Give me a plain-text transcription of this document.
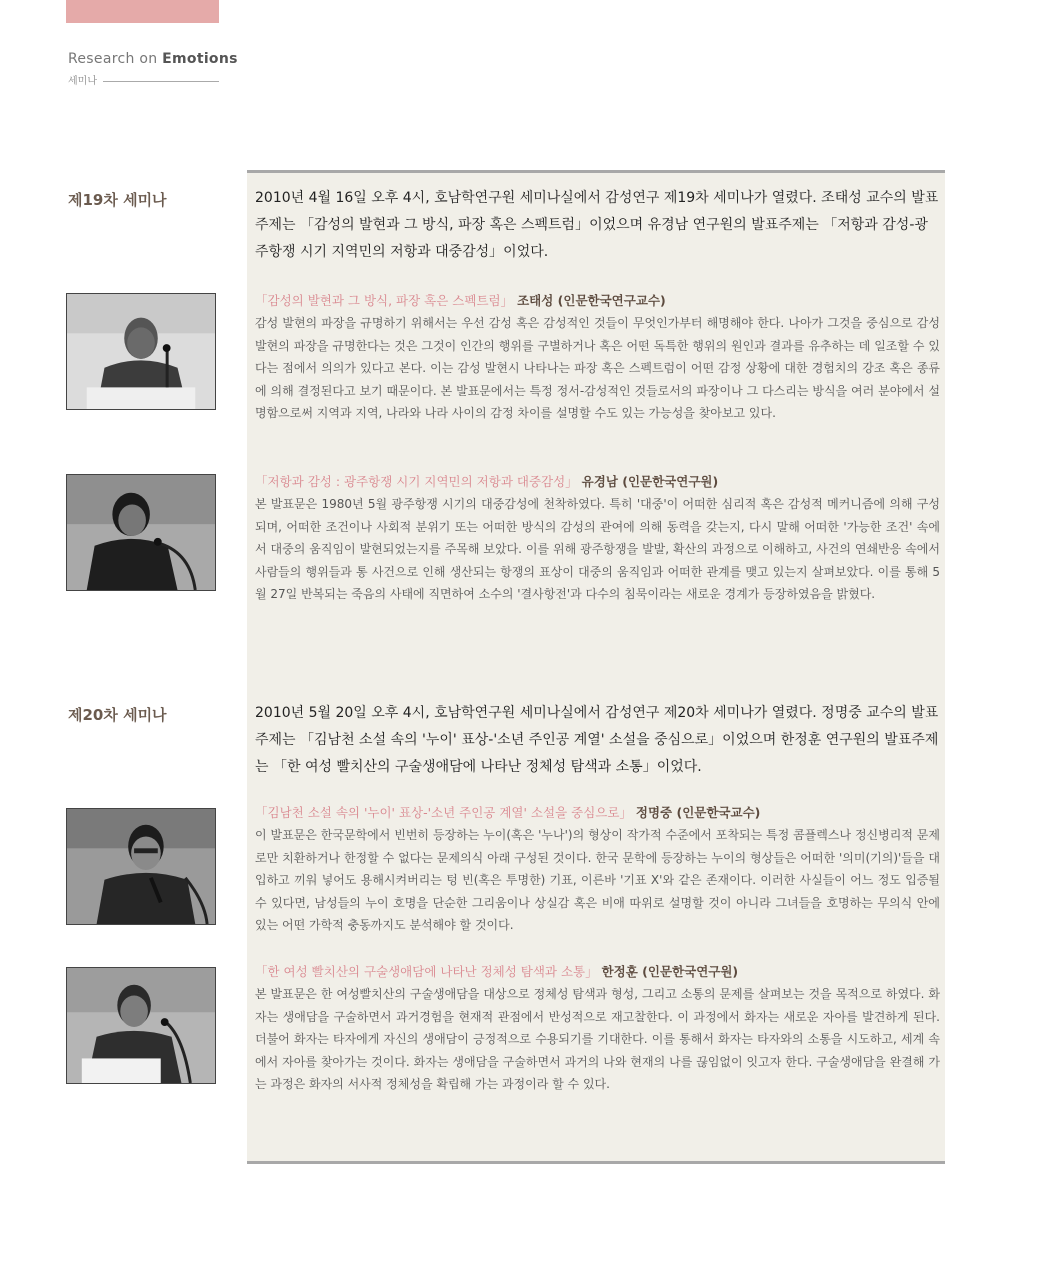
Research on Emotions
세미나
제19차 세미나	2010년 4월 16일 오후 4시, 호남학연구원 세미나실에서 감성연구 제19차 세미나가 열렸다. 조태성 교수의 발표주제는 「감성의 발현과 그 방식, 파장 혹은 스펙트럼」이었으며 유경남 연구원의 발표주제는 「저항과 감성-광주항쟁 시기 지역민의 저항과 대중감성」이었다.

「감성의 발현과 그 방식, 파장 혹은 스펙트럼」 조태성 (인문한국연구교수)

감성 발현의 파장을 규명하기 위해서는 우선 감성 혹은 감성적인 것들이 무엇인가부터 해명해야 한다. 나아가 그것을 중심으로 감성 발현의 파장을 규명한다는 것은 그것이 인간의 행위를 구별하거나 혹은 어떤 독특한 행위의 원인과 결과를 유추하는 데 일조할 수 있다는 점에서 의의가 있다고 본다. 이는 감성 발현시 나타나는 파장 혹은 스펙트럼이 어떤 감정 상황에 대한 경험치의 강조 혹은 종류에 의해 결정된다고 보기 때문이다. 본 발표문에서는 특정 정서-감성적인 것들로서의 파장이나 그 다스리는 방식을 여러 분야에서 설명함으로써 지역과 지역, 나라와 나라 사이의 감정 차이를 설명할 수도 있는 가능성을 찾아보고 있다.

「저항과 감성 : 광주항쟁 시기 지역민의 저항과 대중감성」 유경남 (인문한국연구원)

본 발표문은 1980년 5월 광주항쟁 시기의 대중감성에 천착하였다. 특히 '대중'이 어떠한 심리적 혹은 감성적 메커니즘에 의해 구성되며, 어떠한 조건이나 사회적 분위기 또는 어떠한 방식의 감성의 관여에 의해 동력을 갖는지, 다시 말해 어떠한 '가능한 조건' 속에서 대중의 움직임이 발현되었는지를 주목해 보았다. 이를 위해 광주항쟁을 발발, 확산의 과정으로 이해하고, 사건의 연쇄반응 속에서 사람들의 행위들과 통 사건으로 인해 생산되는 항쟁의 표상이 대중의 움직임과 어떠한 관계를 맺고 있는지 살펴보았다. 이를 통해 5월 27일 반복되는 죽음의 사태에 직면하여 소수의 '결사항전'과 다수의 침묵이라는 새로운 경계가 등장하였음을 밝혔다.

제20차 세미나	2010년 5월 20일 오후 4시, 호남학연구원 세미나실에서 감성연구 제20차 세미나가 열렸다. 정명중 교수의 발표주제는 「김남천 소설 속의 '누이' 표상-'소년 주인공 계열' 소설을 중심으로」이었으며 한정훈 연구원의 발표주제는 「한 여성 빨치산의 구술생애담에 나타난 정체성 탐색과 소통」이었다.

「김남천 소설 속의 '누이' 표상-'소년 주인공 계열' 소설을 중심으로」 정명중 (인문한국교수)

이 발표문은 한국문학에서 빈번히 등장하는 누이(혹은 '누나')의 형상이 작가적 수준에서 포착되는 특정 콤플렉스나 정신병리적 문제로만 치환하거나 한정할 수 없다는 문제의식 아래 구성된 것이다. 한국 문학에 등장하는 누이의 형상들은 어떠한 '의미(기의)'들을 대입하고 끼워 넣어도 용해시켜버리는 텅 빈(혹은 투명한) 기표, 이른바 '기표 X'와 같은 존재이다. 이러한 사실들이 어느 정도 입증될 수 있다면, 남성들의 누이 호명을 단순한 그리움이나 상실감 혹은 비애 따위로 설명할 것이 아니라 그녀들을 호명하는 무의식 안에 있는 어떤 가학적 충동까지도 분석해야 할 것이다.

「한 여성 빨치산의 구술생애담에 나타난 정체성 탐색과 소통」 한정훈 (인문한국연구원)

본 발표문은 한 여성빨치산의 구술생애담을 대상으로 정체성 탐색과 형성, 그리고 소통의 문제를 살펴보는 것을 목적으로 하였다. 화자는 생애담을 구술하면서 과거경험을 현재적 관점에서 반성적으로 재고찰한다. 이 과정에서 화자는 새로운 자아를 발견하게 된다. 더불어 화자는 타자에게 자신의 생애담이 긍정적으로 수용되기를 기대한다. 이를 통해서 화자는 타자와의 소통을 시도하고, 세계 속에서 자아를 찾아가는 것이다. 화자는 생애담을 구술하면서 과거의 나와 현재의 나를 끊임없이 잇고자 한다. 구술생애담을 완결해 가는 과정은 화자의 서사적 정체성을 확립해 가는 과정이라 할 수 있다.
